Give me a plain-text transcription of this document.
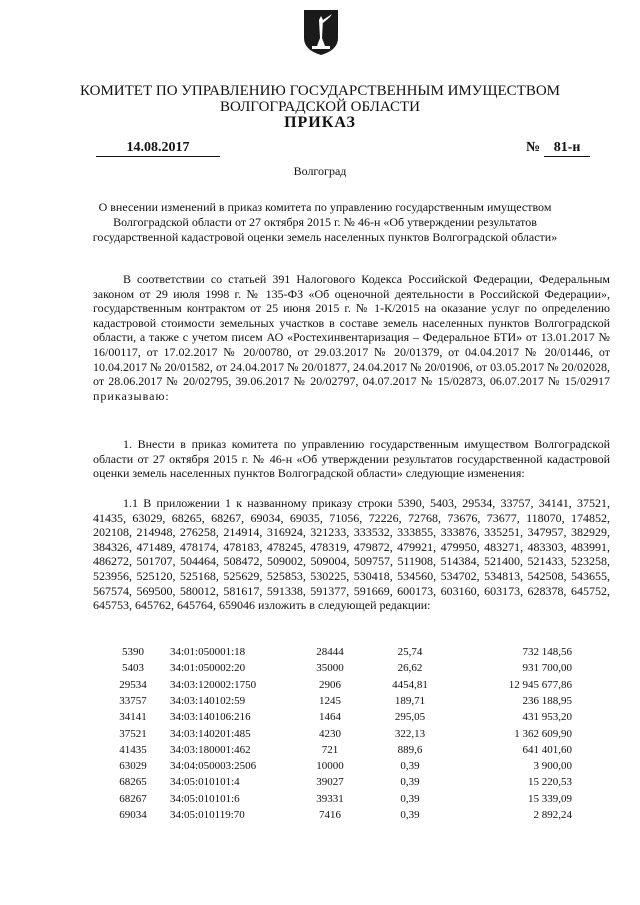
КОМИТЕТ ПО УПРАВЛЕНИЮ ГОСУДАРСТВЕННЫМ ИМУЩЕСТВОМ
ВОЛГОГРАДСКОЙ ОБЛАСТИ
ПРИКАЗ
14.08.2017	№ 81-н
Волгоград
О внесении изменений в приказ комитета по управлению государственным имуществом Волгоградской области от 27 октября 2015 г. № 46-н «Об утверждении результатов государственной кадастровой оценки земель населенных пунктов Волгоградской области»
В соответствии со статьей 391 Налогового Кодекса Российской Федерации, Федеральным законом от 29 июля 1998 г. № 135-ФЗ «Об оценочной деятельности в Российской Федерации», государственным контрактом от 25 июня 2015 г. № 1-К/2015 на оказание услуг по определению кадастровой стоимости земельных участков в составе земель населенных пунктов Волгоградской области, а также с учетом писем АО «Ростехинвентаризация – Федеральное БТИ» от 13.01.2017 № 16/00117, от 17.02.2017 № 20/00780, от 29.03.2017 № 20/01379, от 04.04.2017 № 20/01446, от 10.04.2017 № 20/01582, от 24.04.2017 № 20/01877, 24.04.2017 № 20/01906, от 03.05.2017 № 20/02028, от 28.06.2017 № 20/02795, 39.06.2017 № 20/02797, 04.07.2017 № 15/02873, 06.07.2017 № 15/02917 приказываю:
1. Внести в приказ комитета по управлению государственным имуществом Волгоградской области от 27 октября 2015 г. № 46-н «Об утверждении результатов государственной кадастровой оценки земель населенных пунктов Волгоградской области» следующие изменения:
1.1 В приложении 1 к названному приказу строки 5390, 5403, 29534, 33757, 34141, 37521, 41435, 63029, 68265, 68267, 69034, 69035, 71056, 72226, 72768, 73676, 73677, 118070, 174852, 202108, 214948, 276258, 214914, 316924, 321233, 333532, 333855, 333876, 335251, 347957, 382929, 384326, 471489, 478174, 478183, 478245, 478319, 479872, 479921, 479950, 483271, 483303, 483991, 486272, 501707, 504464, 508472, 509002, 509004, 509757, 511908, 514384, 521400, 521433, 523258, 523956, 525120, 525168, 525629, 525853, 530225, 530418, 534560, 534702, 534813, 542508, 543655, 567574, 569500, 580012, 581617, 591338, 591377, 591669, 600173, 603160, 603173, 628378, 645752, 645753, 645762, 645764, 659046 изложить в следующей редакции:
5390	34:01:050001:18	28444	25,74	732 148,56
5403	34:01:050002:20	35000	26,62	931 700,00
29534	34:03:120002:1750	2906	4454,81	12 945 677,86
33757	34:03:140102:59	1245	189,71	236 188,95
34141	34:03:140106:216	1464	295,05	431 953,20
37521	34:03:140201:485	4230	322,13	1 362 609,90
41435	34:03:180001:462	721	889,6	641 401,60
63029	34:04:050003:2506	10000	0,39	3 900,00
68265	34:05:010101:4	39027	0,39	15 220,53
68267	34:05:010101:6	39331	0,39	15 339,09
69034	34:05:010119:70	7416	0,39	2 892,24
